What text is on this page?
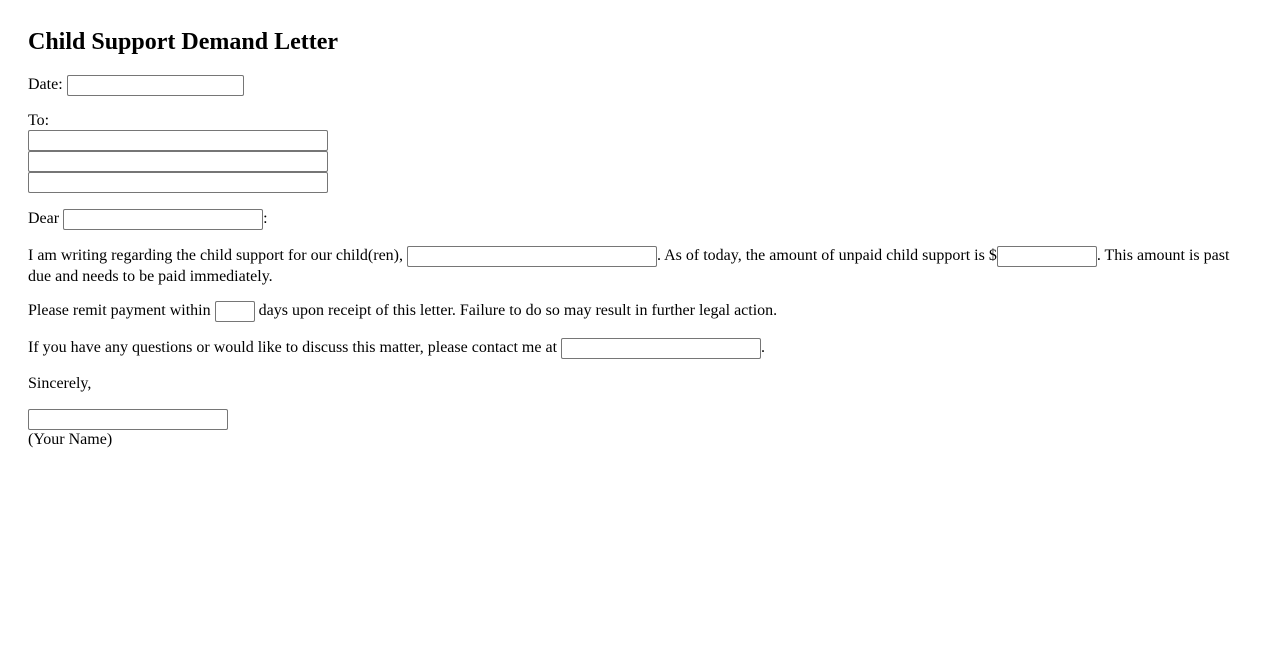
Child Support Demand Letter
Date:
To:
Dear	:
I am writing regarding the child support for our child(ren),	. As of today, the amount of unpaid child support is $	. This amount is past due and needs to be paid immediately.
Please remit payment within	days upon receipt of this letter. Failure to do so may result in further legal action.
If you have any questions or would like to discuss this matter, please contact me at	.
Sincerely,
(Your Name)
